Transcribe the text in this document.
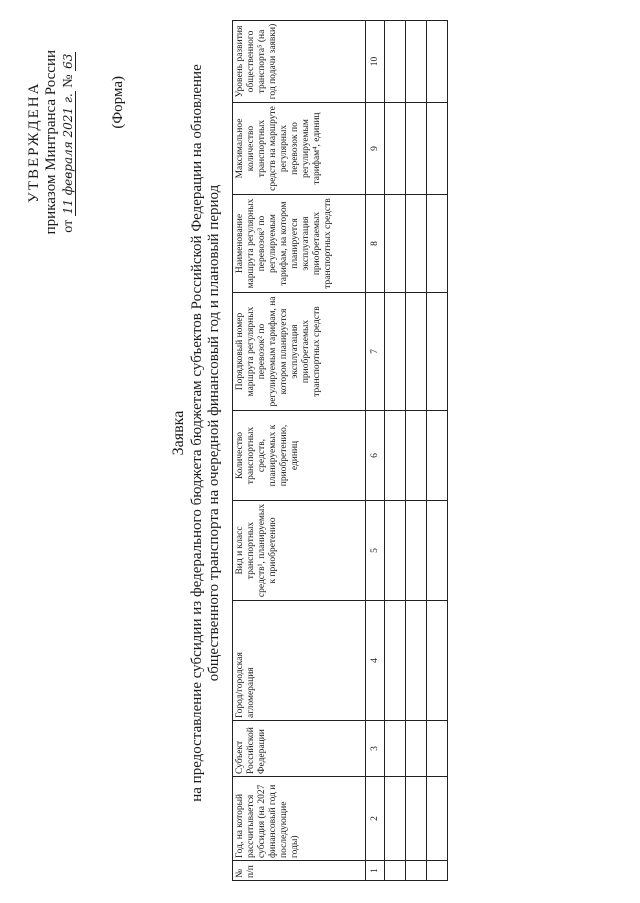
УТВЕРЖДЕНА приказом Минтранса России от 11 февраля 2021 г. № 63
(Форма)
Заявка на предоставление субсидии из федерального бюджета бюджетам субъектов Российской Федерации на обновление общественного транспорта на очередной финансовый год и плановый период
№ п/п	Год, на который рассчитывается субсидия (на 2027 финансовый год и последующие годы)	Субъект Российской Федерации	Город/городская агломерация	Вид и класс транспортных средств¹, планируемых к приобретению	Количество транспортных средств, планируемых к приобретению, единиц	Порядковый номер маршрута регулярных перевозок² по регулируемым тарифам, на котором планируется эксплуатация приобретаемых транспортных средств	Наименование маршрута регулярных перевозок³ по регулируемым тарифам, на котором планируется эксплуатация приобретаемых транспортных средств	Максимальное количество транспортных средств на маршруте регулярных перевозок по регулируемым тарифам⁴, единиц	Уровень развития общественного транспорта⁵ (на год подачи заявки)
1	2	3	4	5	6	7	8	9	10
